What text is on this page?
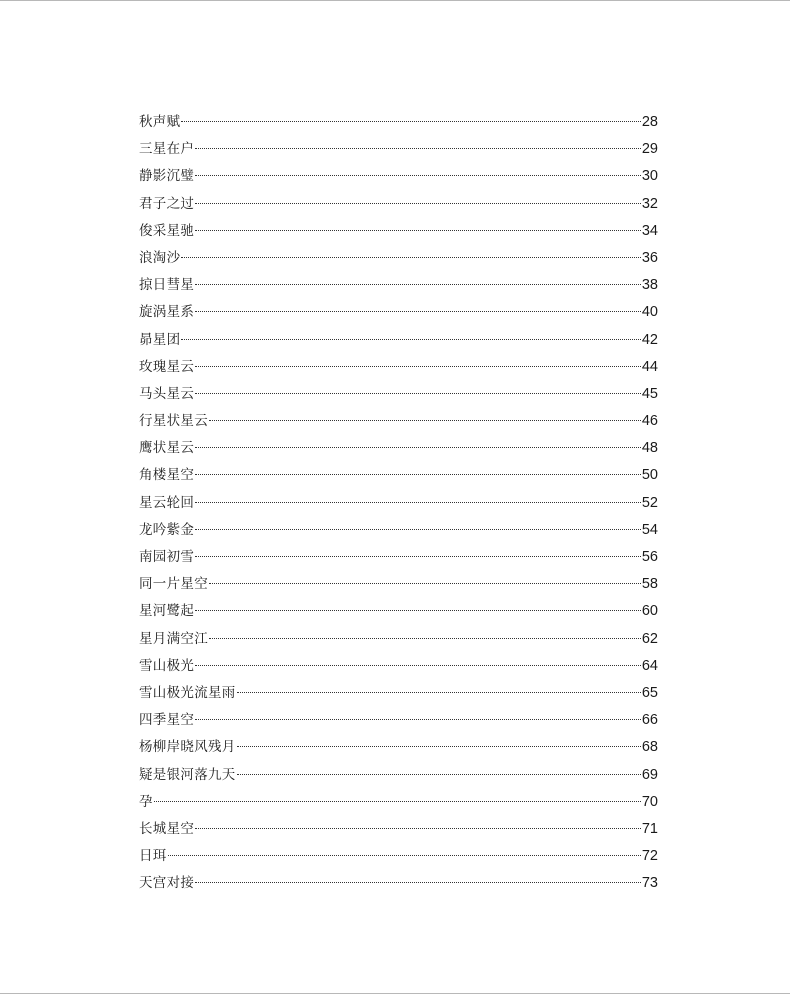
秋声赋	28
三星在户	29
静影沉璧	30
君子之过	32
俊采星驰	34
浪淘沙	36
掠日彗星	38
旋涡星系	40
昴星团	42
玫瑰星云	44
马头星云	45
行星状星云	46
鹰状星云	48
角楼星空	50
星云轮回	52
龙吟紫金	54
南园初雪	56
同一片星空	58
星河鹭起	60
星月满空江	62
雪山极光	64
雪山极光流星雨	65
四季星空	66
杨柳岸晓风残月	68
疑是银河落九天	69
孕	70
长城星空	71
日珥	72
天宫对接	73
